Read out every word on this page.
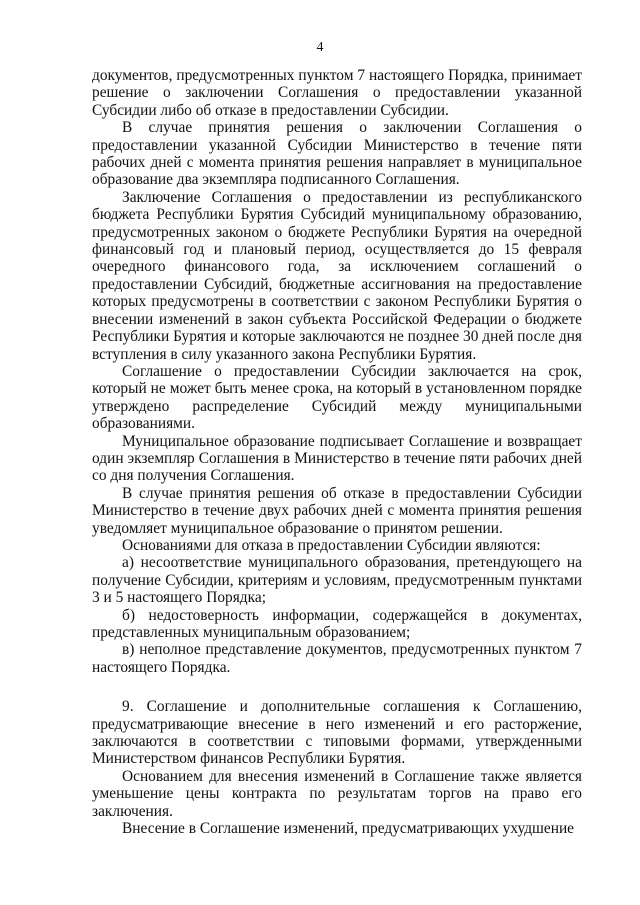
4

документов, предусмотренных пунктом 7 настоящего Порядка, принимает решение о заключении Соглашения о предоставлении указанной Субсидии либо об отказе в предоставлении Субсидии.

В случае принятия решения о заключении Соглашения о предоставлении указанной Субсидии Министерство в течение пяти рабочих дней с момента принятия решения направляет в муниципальное образование два экземпляра подписанного Соглашения.

Заключение Соглашения о предоставлении из республиканского бюджета Республики Бурятия Субсидий муниципальному образованию, предусмотренных законом о бюджете Республики Бурятия на очередной финансовый год и плановый период, осуществляется до 15 февраля очередного финансового года, за исключением соглашений о предоставлении Субсидий, бюджетные ассигнования на предоставление которых предусмотрены в соответствии с законом Республики Бурятия о внесении изменений в закон субъекта Российской Федерации о бюджете Республики Бурятия и которые заключаются не позднее 30 дней после дня вступления в силу указанного закона Республики Бурятия.

Соглашение о предоставлении Субсидии заключается на срок, который не может быть менее срока, на который в установленном порядке утверждено распределение Субсидий между муниципальными образованиями.

Муниципальное образование подписывает Соглашение и возвращает один экземпляр Соглашения в Министерство в течение пяти рабочих дней со дня получения Соглашения.

В случае принятия решения об отказе в предоставлении Субсидии Министерство в течение двух рабочих дней с момента принятия решения уведомляет муниципальное образование о принятом решении.

Основаниями для отказа в предоставлении Субсидии являются:

а) несоответствие муниципального образования, претендующего на получение Субсидии, критериям и условиям, предусмотренным пунктами 3 и 5 настоящего Порядка;

б) недостоверность информации, содержащейся в документах, представленных муниципальным образованием;

в) неполное представление документов, предусмотренных пунктом 7 настоящего Порядка.

9. Соглашение и дополнительные соглашения к Соглашению, предусматривающие внесение в него изменений и его расторжение, заключаются в соответствии с типовыми формами, утвержденными Министерством финансов Республики Бурятия.

Основанием для внесения изменений в Соглашение также является уменьшение цены контракта по результатам торгов на право его заключения.

Внесение в Соглашение изменений, предусматривающих ухудшение
